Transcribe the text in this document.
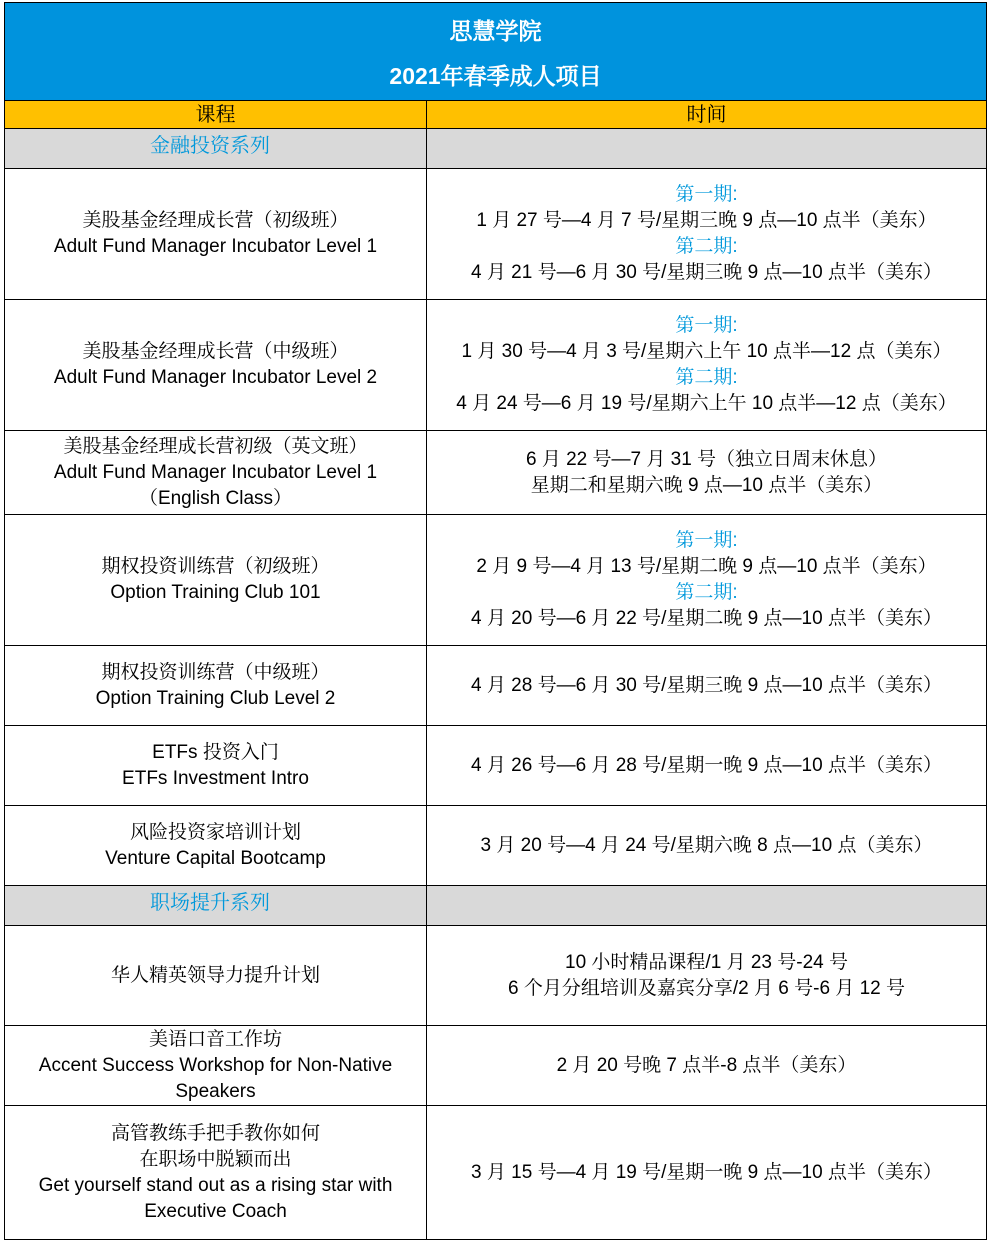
思慧学院
2021年春季成人项目	

课程	时间
金融投资系列	

美股基金经理成长营（初级班）
Adult Fund Manager Incubator Level 1	第一期:
1 月 27 号—4 月 7 号/星期三晚 9 点—10 点半（美东）
第二期:
4 月 21 号—6 月 30 号/星期三晚 9 点—10 点半（美东）

美股基金经理成长营（中级班）
Adult Fund Manager Incubator Level 2	第一期:
1 月 30 号—4 月 3 号/星期六上午 10 点半—12 点（美东）
第二期:
4 月 24 号—6 月 19 号/星期六上午 10 点半—12 点（美东）

美股基金经理成长营初级（英文班）
Adult Fund Manager Incubator Level 1
（English Class）	6 月 22 号—7 月 31 号（独立日周末休息）
星期二和星期六晚 9 点—10 点半（美东）

期权投资训练营（初级班）
Option Training Club 101	第一期:
2 月 9 号—4 月 13 号/星期二晚 9 点—10 点半（美东）
第二期:
4 月 20 号—6 月 22 号/星期二晚 9 点—10 点半（美东）

期权投资训练营（中级班）
Option Training Club Level 2	4 月 28 号—6 月 30 号/星期三晚 9 点—10 点半（美东）

ETFs 投资入门
ETFs Investment Intro	4 月 26 号—6 月 28 号/星期一晚 9 点—10 点半（美东）

风险投资家培训计划
Venture Capital Bootcamp	3 月 20 号—4 月 24 号/星期六晚 8 点—10 点（美东）

职场提升系列	

华人精英领导力提升计划	10 小时精品课程/1 月 23 号-24 号
6 个月分组培训及嘉宾分享/2 月 6 号-6 月 12 号

美语口音工作坊
Accent Success Workshop for Non-Native
Speakers	2 月 20 号晚 7 点半-8 点半（美东）

高管教练手把手教你如何
在职场中脱颖而出
Get yourself stand out as a rising star with
Executive Coach	3 月 15 号—4 月 19 号/星期一晚 9 点—10 点半（美东）
